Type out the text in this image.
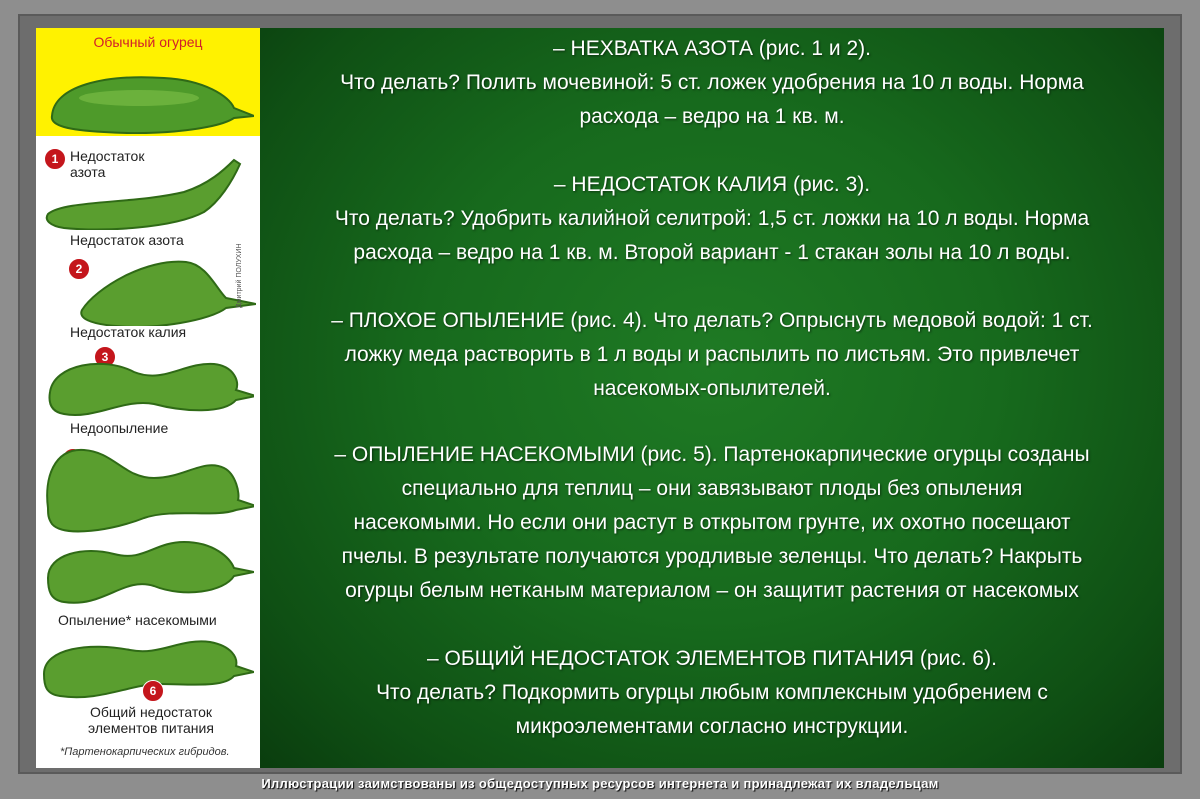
Обычный огурец
1 Недостаток
азота
Недостаток азота
2
Недостаток калия
3
Недоопыление
Опыление* насекомыми
6
Общий недостаток
элементов питания
Дмитрий ПОЛУХИН
*Партенокарпических гибридов.
– НЕХВАТКА АЗОТА (рис. 1 и 2).
Что делать? Полить мочевиной: 5 ст. ложек удобрения на 10 л воды. Норма
расхода – ведро на 1 кв. м.
– НЕДОСТАТОК КАЛИЯ (рис. 3).
Что делать? Удобрить калийной селитрой: 1,5 ст. ложки на 10 л воды. Норма
расхода – ведро на 1 кв. м. Второй вариант - 1 стакан золы на 10 л воды.
– ПЛОХОЕ ОПЫЛЕНИЕ (рис. 4). Что делать? Опрыснуть медовой водой: 1 ст.
ложку меда растворить в 1 л воды и распылить по листьям. Это привлечет
насекомых-опылителей.
– ОПЫЛЕНИЕ НАСЕКОМЫМИ (рис. 5). Партенокарпические огурцы созданы
специально для теплиц – они завязывают плоды без опыления
насекомыми. Но если они растут в открытом грунте, их охотно посещают
пчелы. В результате получаются уродливые зеленцы. Что делать? Накрыть
огурцы белым нетканым материалом – он защитит растения от насекомых
– ОБЩИЙ НЕДОСТАТОК ЭЛЕМЕНТОВ ПИТАНИЯ (рис. 6).
Что делать? Подкормить огурцы любым комплексным удобрением с
микроэлементами согласно инструкции.
Иллюстрации заимствованы из общедоступных ресурсов интернета и принадлежат их владельцам
